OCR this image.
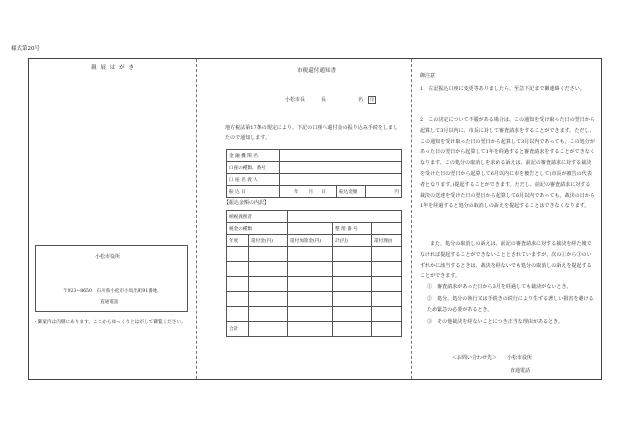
様式第20号
親 展 は が き
小松市役所
〒923−8650　石川県小松市小馬出町91番地
直通電話
・御案内は内側にあります。ここからゆっくりとはがして御覧ください。
市税還付通知書
小松市長	長	名	印
地方税法第17条の規定により、下記の口座へ還付金の振り込み手続をしましたので通知します。
金 融 機 関 名			
口座の種類、番号			
口 座 名 義 人			
振 込 日	年 月 日	振込金額	円
【振込金額の内訳】
納税義務者				
税金の種類			整 理 番 号	
年度	還付金(円)	還付加算金(円)	計(円)	還付理由

合計				
御注意
1　左記振込口座に変更等ありましたら、至急下記まで御連絡ください。
2　この決定について不服がある場合は、この通知を受け取った日の翌日から起算して3月以内に、市長に対して審査請求をすることができます。ただし、この通知を受け取った日の翌日から起算して3月以内であっても、この処分があった日の翌日から起算して1年を経過すると審査請求をすることができなくなります。この処分の取消しを求める訴えは、前記の審査請求に対する裁決を受けた日の翌日から起算して6月以内に市を被告として(市長が被告の代表者となります。)提起することができます。ただし、前記の審査請求に対する裁決の送達を受けた日の翌日から起算して6月以内であっても、裁決の日から1年を経過すると処分の取消しの訴えを提起することはできなくなります。
また、処分の取消しの訴えは、前記の審査請求に対する裁決を経た後でなければ提起することができないこととされていますが、次の①から③のいずれかに該当するときは、裁決を経ないでも処分の取消しの訴えを提起することができます。
①　審査請求があった日から3月を経過しても裁決がないとき。
②　処分、処分の執行又は手続きの続行により生ずる著しい損害を避けるため緊急の必要があるとき。
③　その他裁決を経ないことにつき正当な理由があるとき。
＜お問い合わせ先＞ 小松市役所
直通電話
